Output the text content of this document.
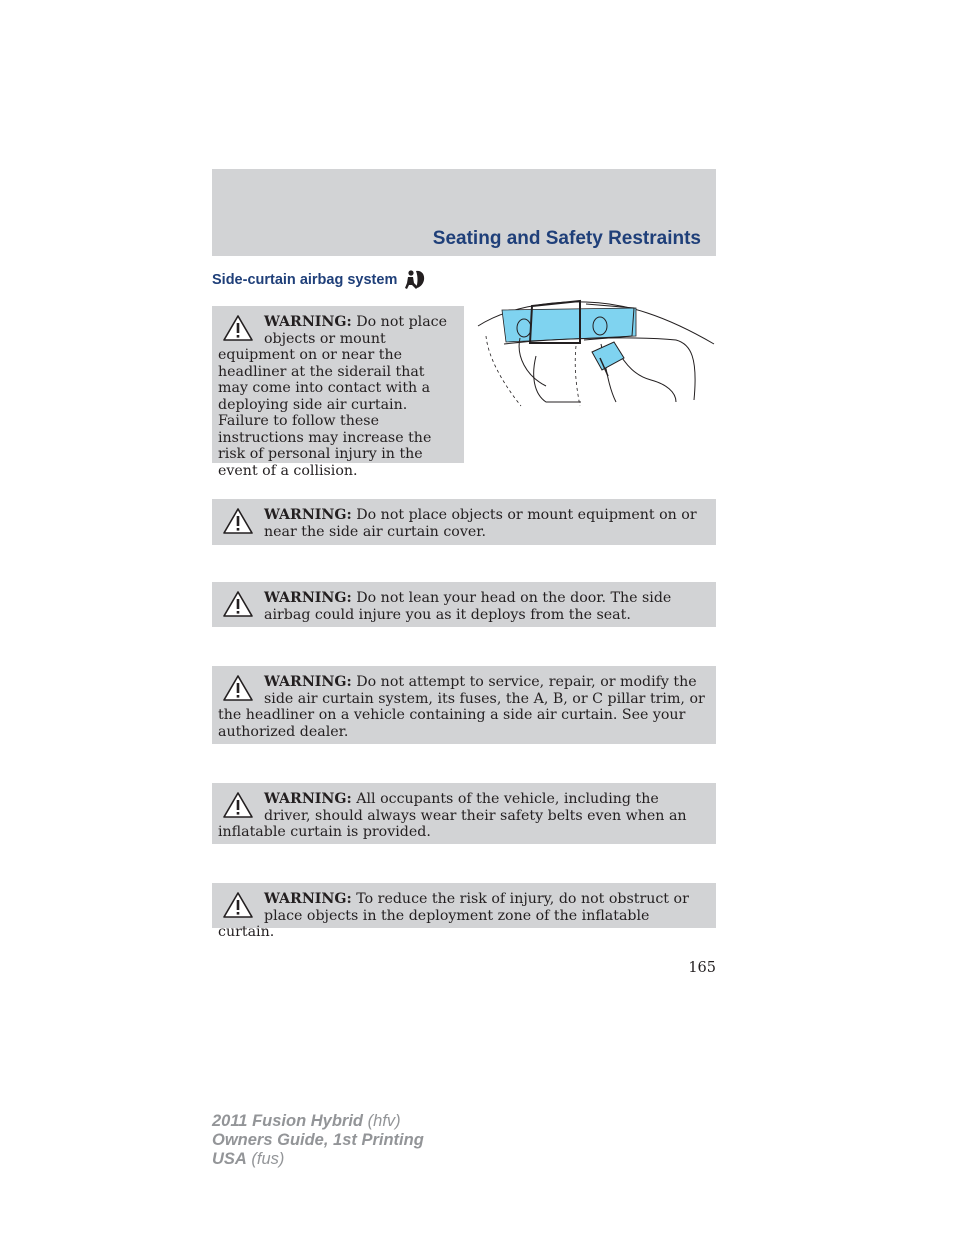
Seating and Safety Restraints
Side-curtain airbag system
WARNING: Do not place objects or mount equipment on or near the headliner at the siderail that may come into contact with a deploying side air curtain. Failure to follow these instructions may increase the risk of personal injury in the event of a collision.
WARNING: Do not place objects or mount equipment on or near the side air curtain cover.
WARNING: Do not lean your head on the door. The side airbag could injure you as it deploys from the seat.
WARNING: Do not attempt to service, repair, or modify the side air curtain system, its fuses, the A, B, or C pillar trim, or the headliner on a vehicle containing a side air curtain. See your authorized dealer.
WARNING: All occupants of the vehicle, including the driver, should always wear their safety belts even when an inflatable curtain is provided.
WARNING: To reduce the risk of injury, do not obstruct or place objects in the deployment zone of the inflatable curtain.
165
2011 Fusion Hybrid (hfv)
Owners Guide, 1st Printing
USA (fus)
